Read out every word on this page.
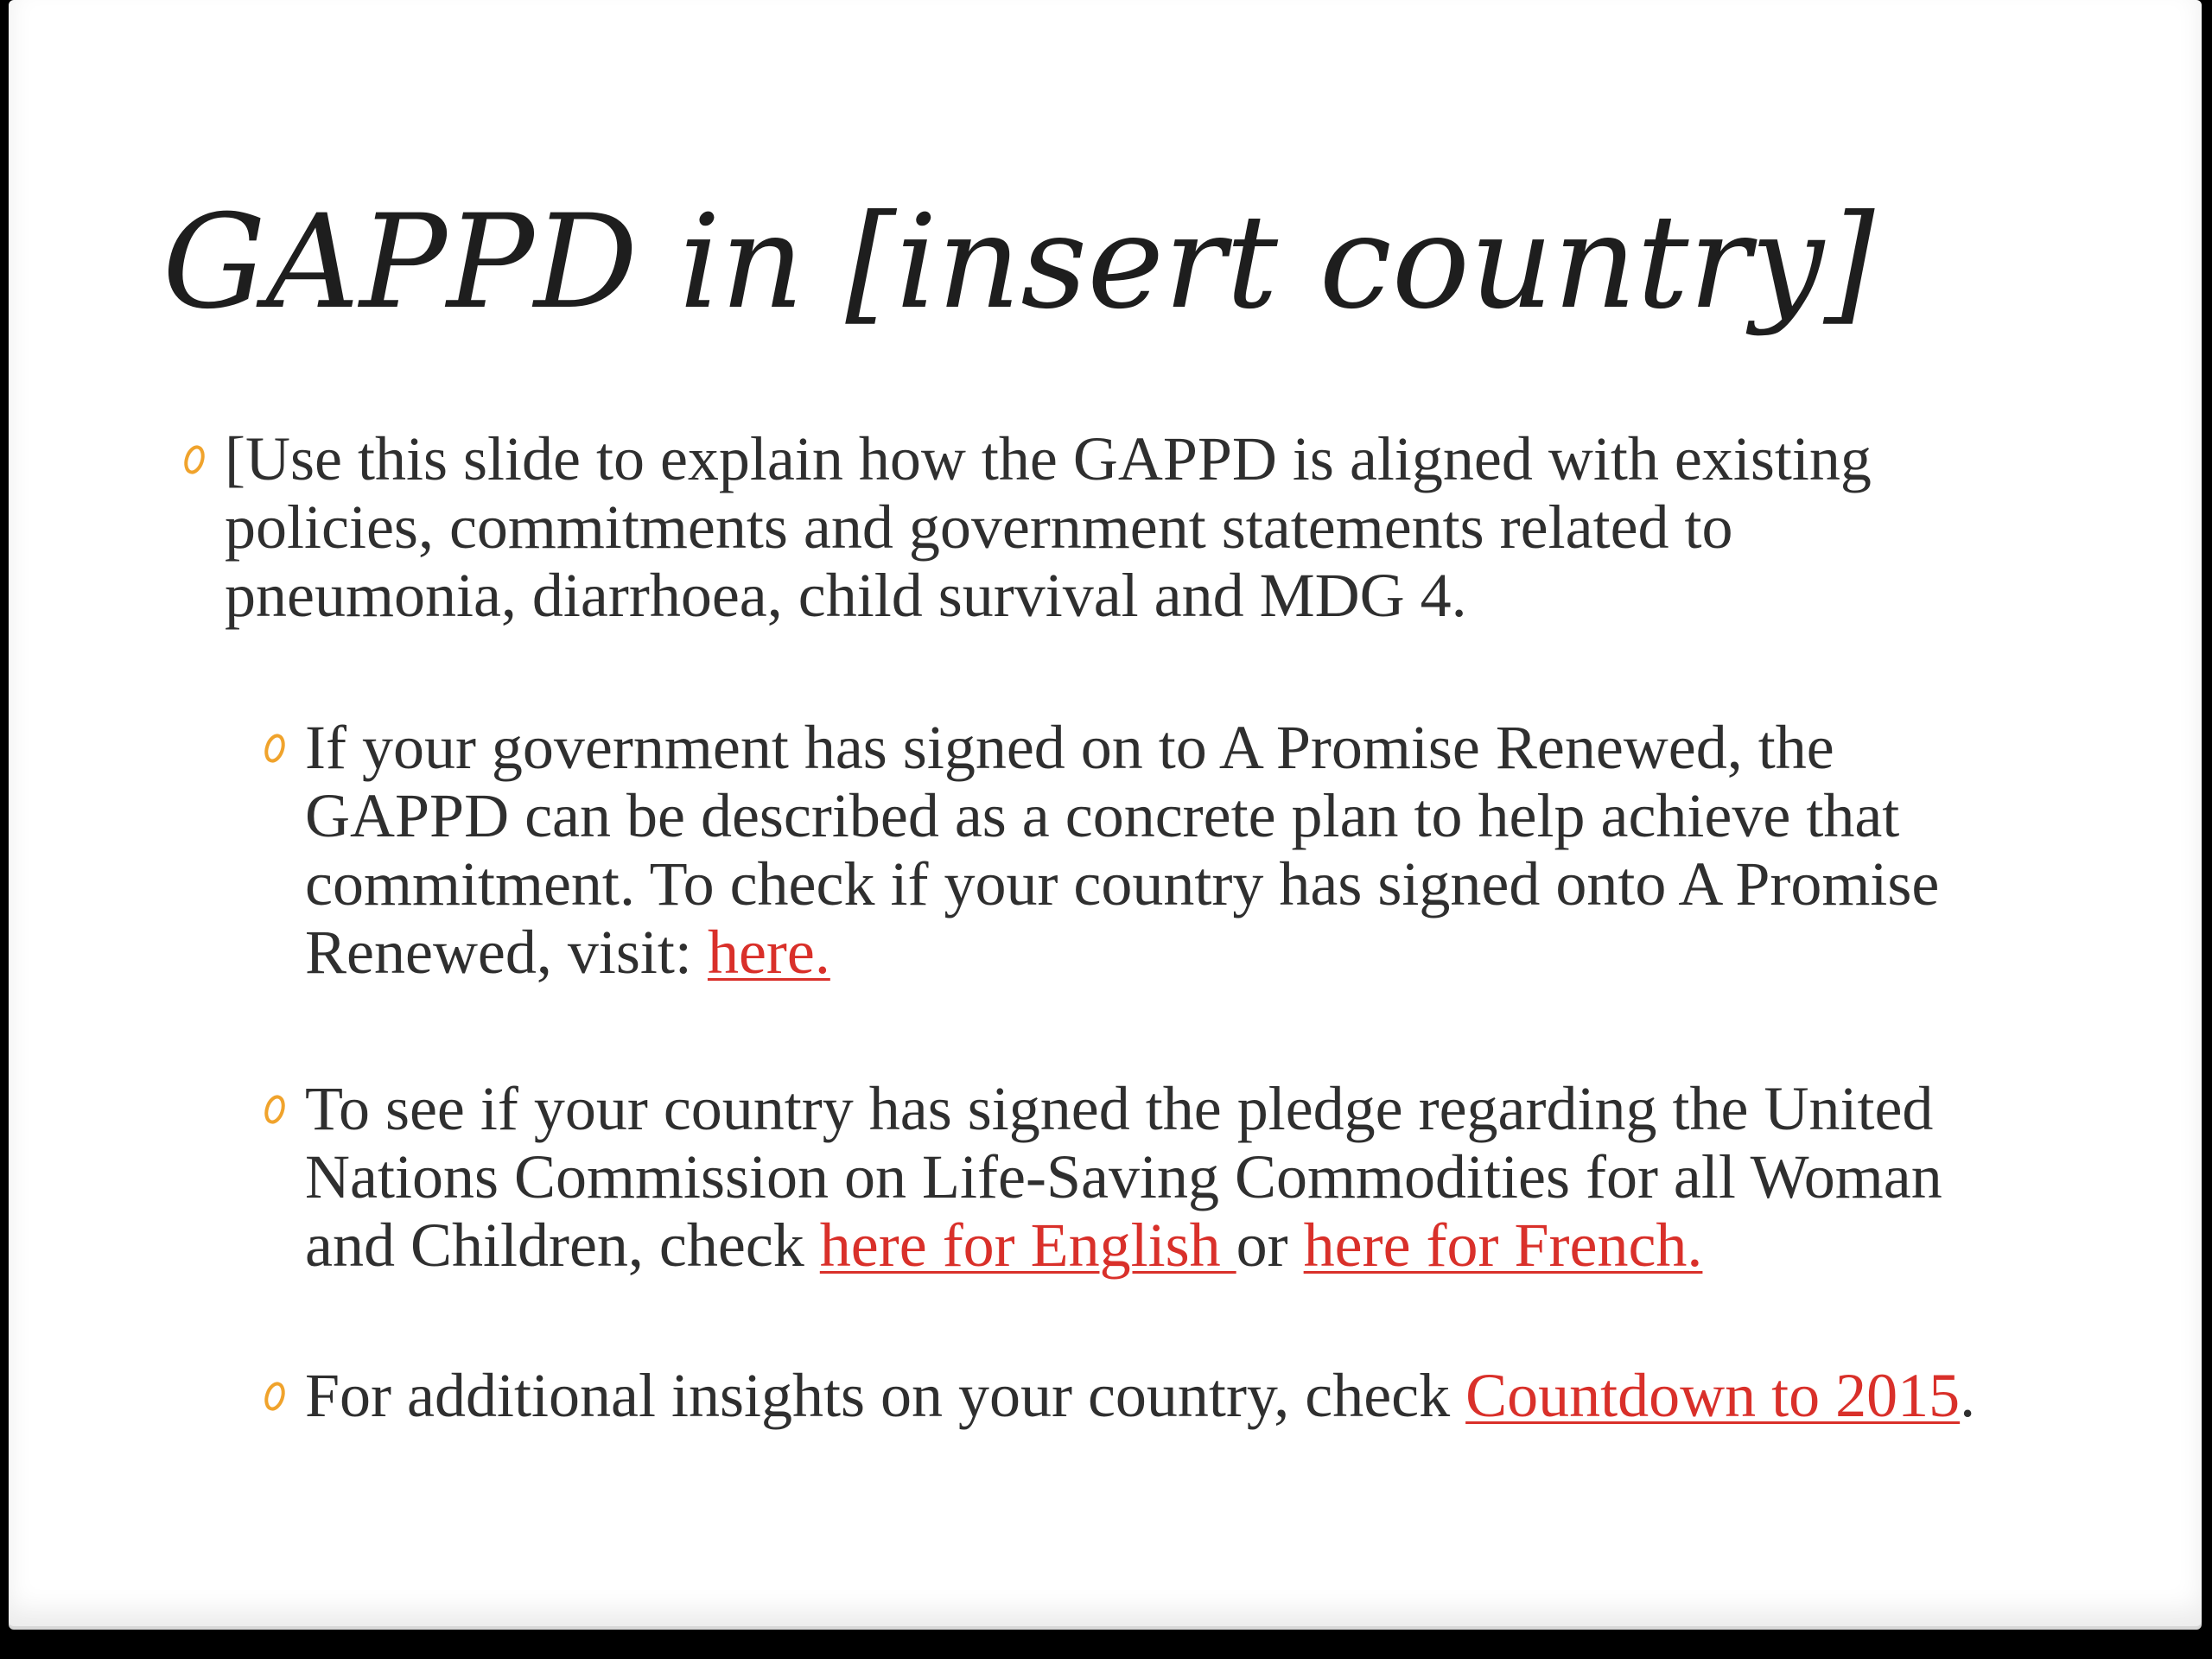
GAPPD in [insert country]

[Use this slide to explain how the GAPPD is aligned with existing policies, commitments and government statements related to pneumonia, diarrhoea, child survival and MDG 4.

If your government has signed on to A Promise Renewed, the GAPPD can be described as a concrete plan to help achieve that commitment. To check if your country has signed onto A Promise Renewed, visit: here.

To see if your country has signed the pledge regarding the United Nations Commission on Life-Saving Commodities for all Woman and Children, check here for English or here for French.

For additional insights on your country, check Countdown to 2015.
